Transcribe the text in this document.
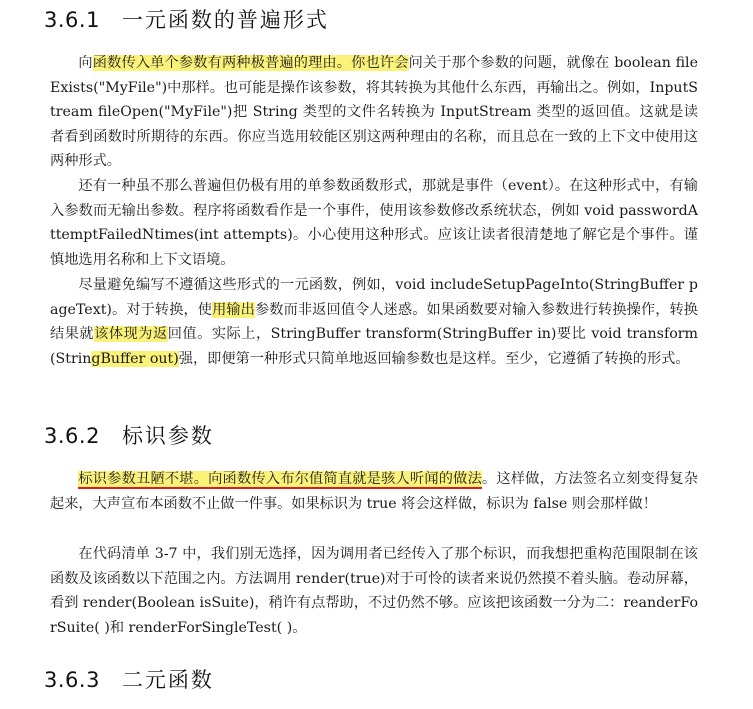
3.6.1 一元函数的普遍形式

向函数传入单个参数有两种极普遍的理由。你也许会问关于那个参数的问题，就像在 boolean fileExists("MyFile")中那样。也可能是操作该参数，将其转换为其他什么东西，再输出之。例如，InputStream fileOpen("MyFile")把 String 类型的文件名转换为 InputStream 类型的返回值。这就是读者看到函数时所期待的东西。你应当选用较能区别这两种理由的名称，而且总在一致的上下文中使用这两种形式。

还有一种虽不那么普遍但仍极有用的单参数函数形式，那就是事件（event）。在这种形式中，有输入参数而无输出参数。程序将函数看作是一个事件，使用该参数修改系统状态，例如 void passwordAttemptFailedNtimes(int attempts)。小心使用这种形式。应该让读者很清楚地了解它是个事件。谨慎地选用名称和上下文语境。

尽量避免编写不遵循这些形式的一元函数，例如，void includeSetupPageInto(StringBuffer pageText)。对于转换，使用输出参数而非返回值令人迷惑。如果函数要对输入参数进行转换操作，转换结果就该体现为返回值。实际上，StringBuffer transform(StringBuffer in)要比 void transform(StringBuffer out)强，即便第一种形式只简单地返回输参数也是这样。至少，它遵循了转换的形式。

3.6.2 标识参数

标识参数丑陋不堪。向函数传入布尔值简直就是骇人听闻的做法。这样做，方法签名立刻变得复杂起来，大声宣布本函数不止做一件事。如果标识为 true 将会这样做，标识为 false 则会那样做！

在代码清单 3-7 中，我们别无选择，因为调用者已经传入了那个标识，而我想把重构范围限制在该函数及该函数以下范围之内。方法调用 render(true)对于可怜的读者来说仍然摸不着头脑。卷动屏幕，看到 render(Boolean isSuite)，稍许有点帮助，不过仍然不够。应该把该函数一分为二：reanderForSuite( )和 renderForSingleTest( )。

3.6.3 二元函数
